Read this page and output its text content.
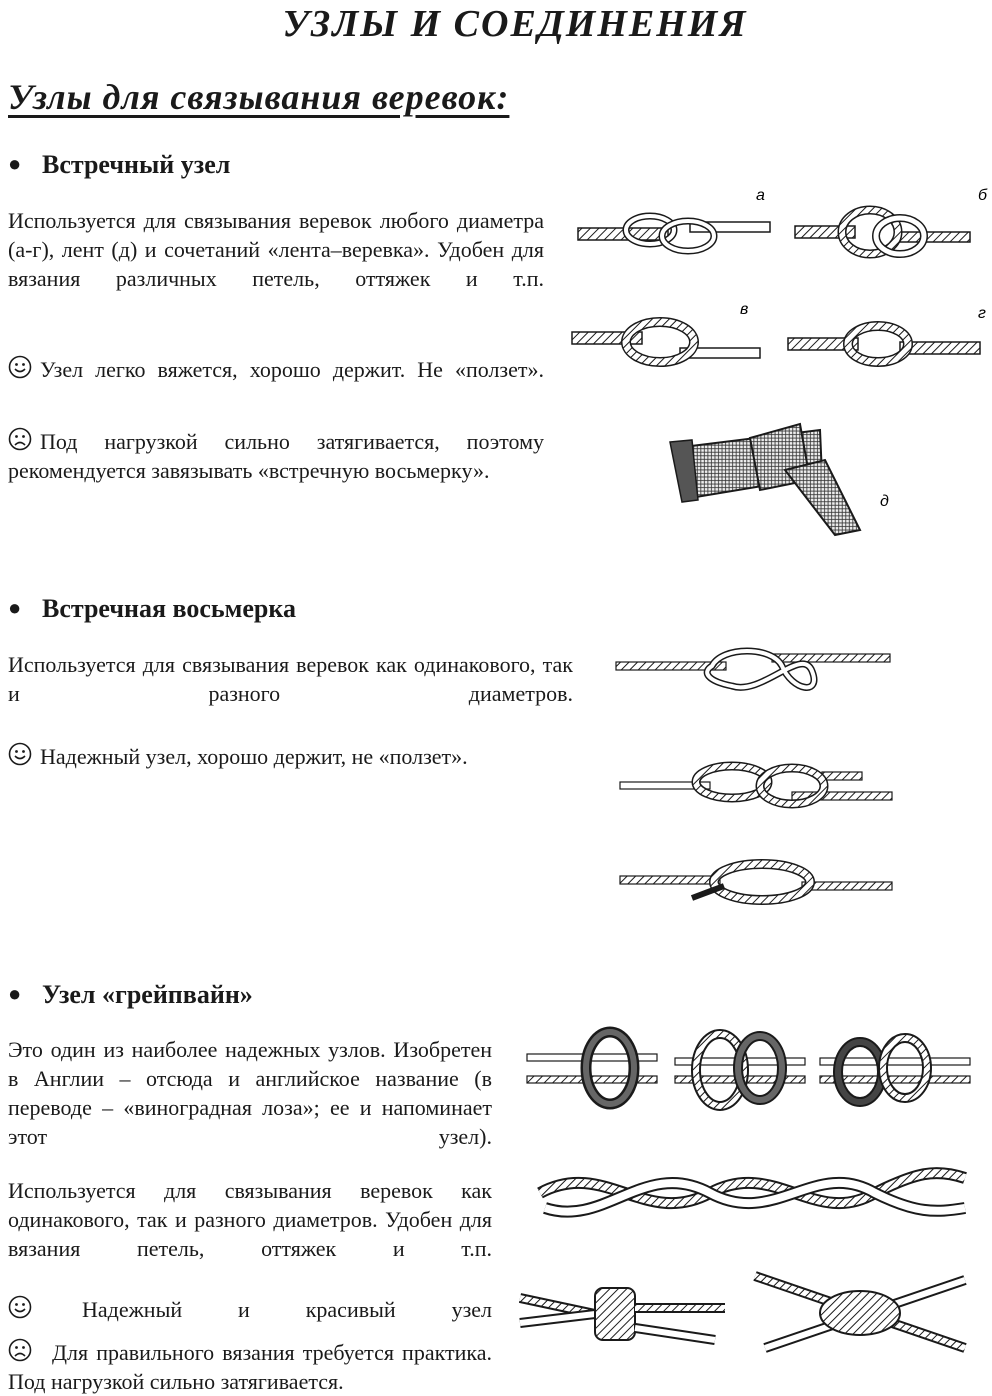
УЗЛЫ И СОЕДИНЕНИЯ
Узлы для связывания веревок:
● Встречный узел
Используется для связывания веревок любого диаметра (а-г), лент (д) и сочетаний «лента–веревка». Удобен для вязания различных петель, оттяжек и т.п.
Узел легко вяжется, хорошо держит. Не «ползет».
Под нагрузкой сильно затягивается, поэтому рекомендуется завязывать «встречную восьмерку».
а	б
в	г
д
● Встречная восьмерка
Используется для связывания веревок как одинакового, так и разного диаметров.
Надежный узел, хорошо держит, не «ползет».
● Узел «грейпвайн»
Это один из наиболее надежных узлов. Изобретен в Англии – отсюда и английское название (в переводе – «виноградная лоза»; ее и напоминает этот узел).
Используется для связывания веревок как одинакового, так и разного диаметров. Удобен для вязания петель, оттяжек и т.п.
Надежный и красивый узел
Для правильного вязания требуется практика. Под нагрузкой сильно затягивается.
